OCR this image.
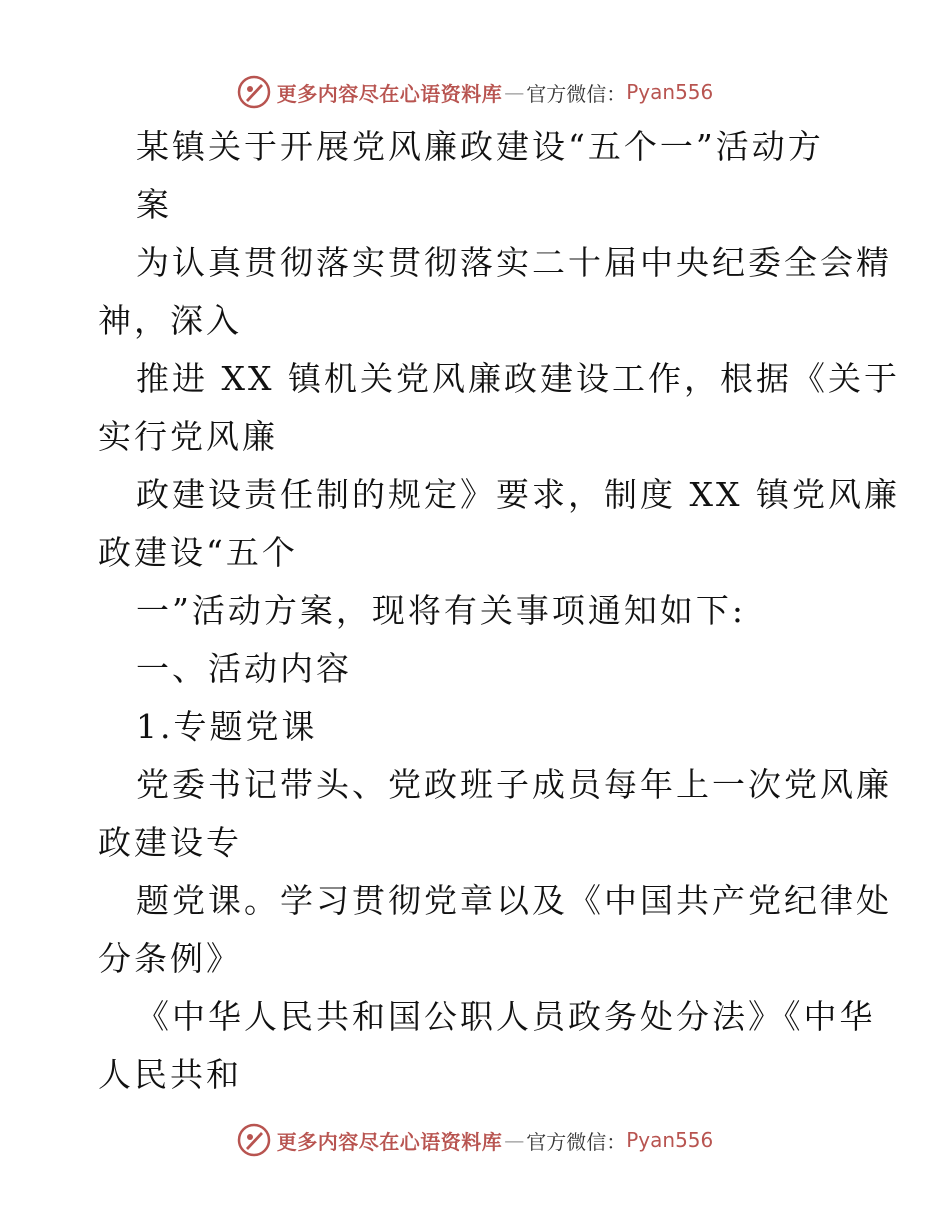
更多内容尽在心语资料库 — 官方微信： Pyan556
某镇关于开展党风廉政建设“五个一”活动方
案
为认真贯彻落实贯彻落实二十届中央纪委全会精
神，深入
推进 XX 镇机关党风廉政建设工作，根据《关于
实行党风廉
政建设责任制的规定》要求，制度 XX 镇党风廉
政建设“五个
一”活动方案，现将有关事项通知如下:
一、活动内容
1.专题党课
党委书记带头、党政班子成员每年上一次党风廉
政建设专
题党课。学习贯彻党章以及《中国共产党纪律处
分条例》
《中华人民共和国公职人员政务处分法》《中华
人民共和
更多内容尽在心语资料库 — 官方微信： Pyan556
